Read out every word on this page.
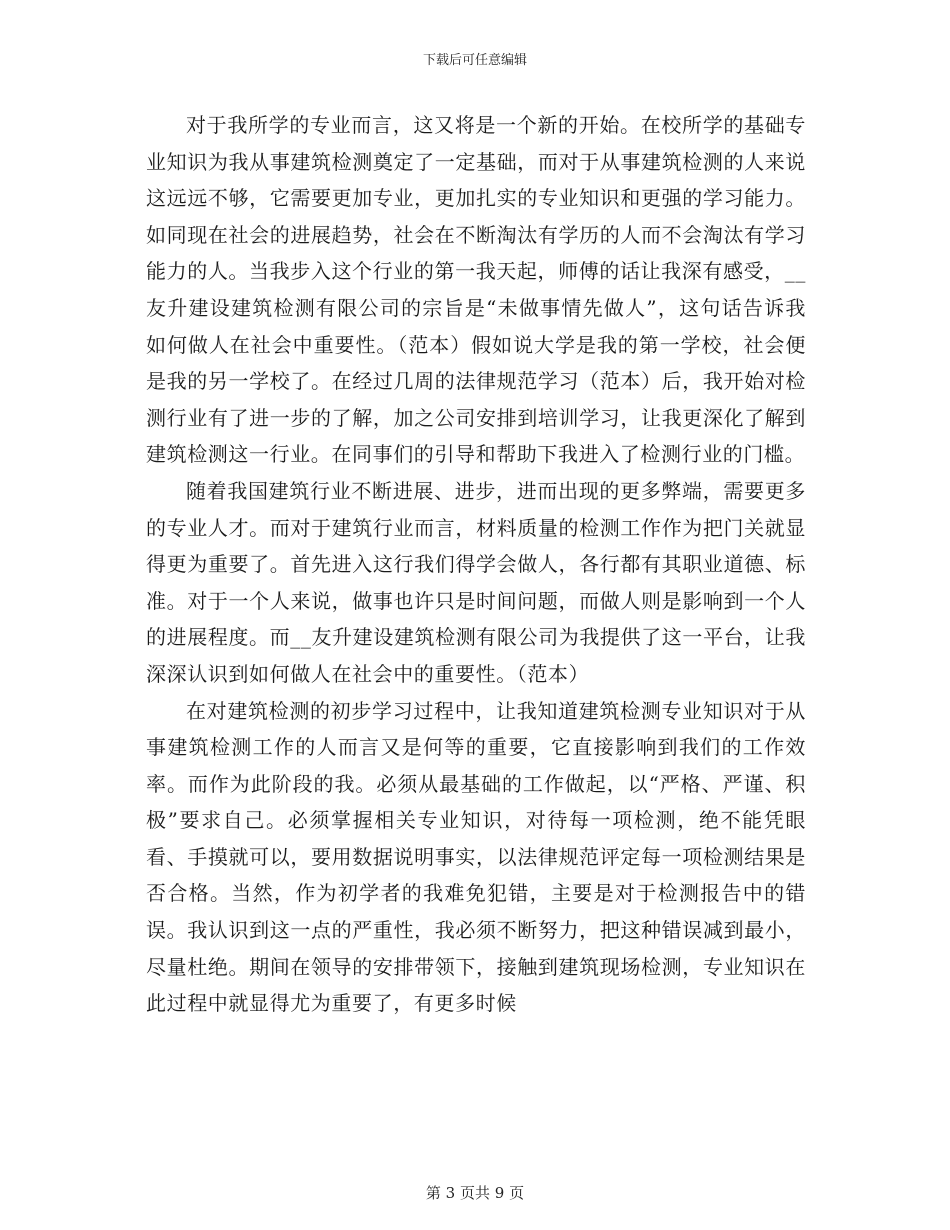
下载后可任意编辑

对于我所学的专业而言，这又将是一个新的开始。在校所学的基础专业知识为我从事建筑检测奠定了一定基础，而对于从事建筑检测的人来说这远远不够，它需要更加专业，更加扎实的专业知识和更强的学习能力。如同现在社会的进展趋势，社会在不断淘汰有学历的人而不会淘汰有学习能力的人。当我步入这个行业的第一我天起，师傅的话让我深有感受，__友升建设建筑检测有限公司的宗旨是“未做事情先做人”，这句话告诉我如何做人在社会中重要性。（范本）假如说大学是我的第一学校，社会便是我的另一学校了。在经过几周的法律规范学习（范本）后，我开始对检测行业有了进一步的了解，加之公司安排到培训学习，让我更深化了解到建筑检测这一行业。在同事们的引导和帮助下我进入了检测行业的门槛。

随着我国建筑行业不断进展、进步，进而出现的更多弊端，需要更多的专业人才。而对于建筑行业而言，材料质量的检测工作作为把门关就显得更为重要了。首先进入这行我们得学会做人，各行都有其职业道德、标准。对于一个人来说，做事也许只是时间问题，而做人则是影响到一个人的进展程度。而__友升建设建筑检测有限公司为我提供了这一平台，让我深深认识到如何做人在社会中的重要性。（范本）

在对建筑检测的初步学习过程中，让我知道建筑检测专业知识对于从事建筑检测工作的人而言又是何等的重要，它直接影响到我们的工作效率。而作为此阶段的我。必须从最基础的工作做起，以“严格、严谨、积极”要求自己。必须掌握相关专业知识，对待每一项检测，绝不能凭眼看、手摸就可以，要用数据说明事实，以法律规范评定每一项检测结果是否合格。当然，作为初学者的我难免犯错，主要是对于检测报告中的错误。我认识到这一点的严重性，我必须不断努力，把这种错误减到最小，尽量杜绝。期间在领导的安排带领下，接触到建筑现场检测，专业知识在此过程中就显得尤为重要了，有更多时候

第 3 页共 9 页
